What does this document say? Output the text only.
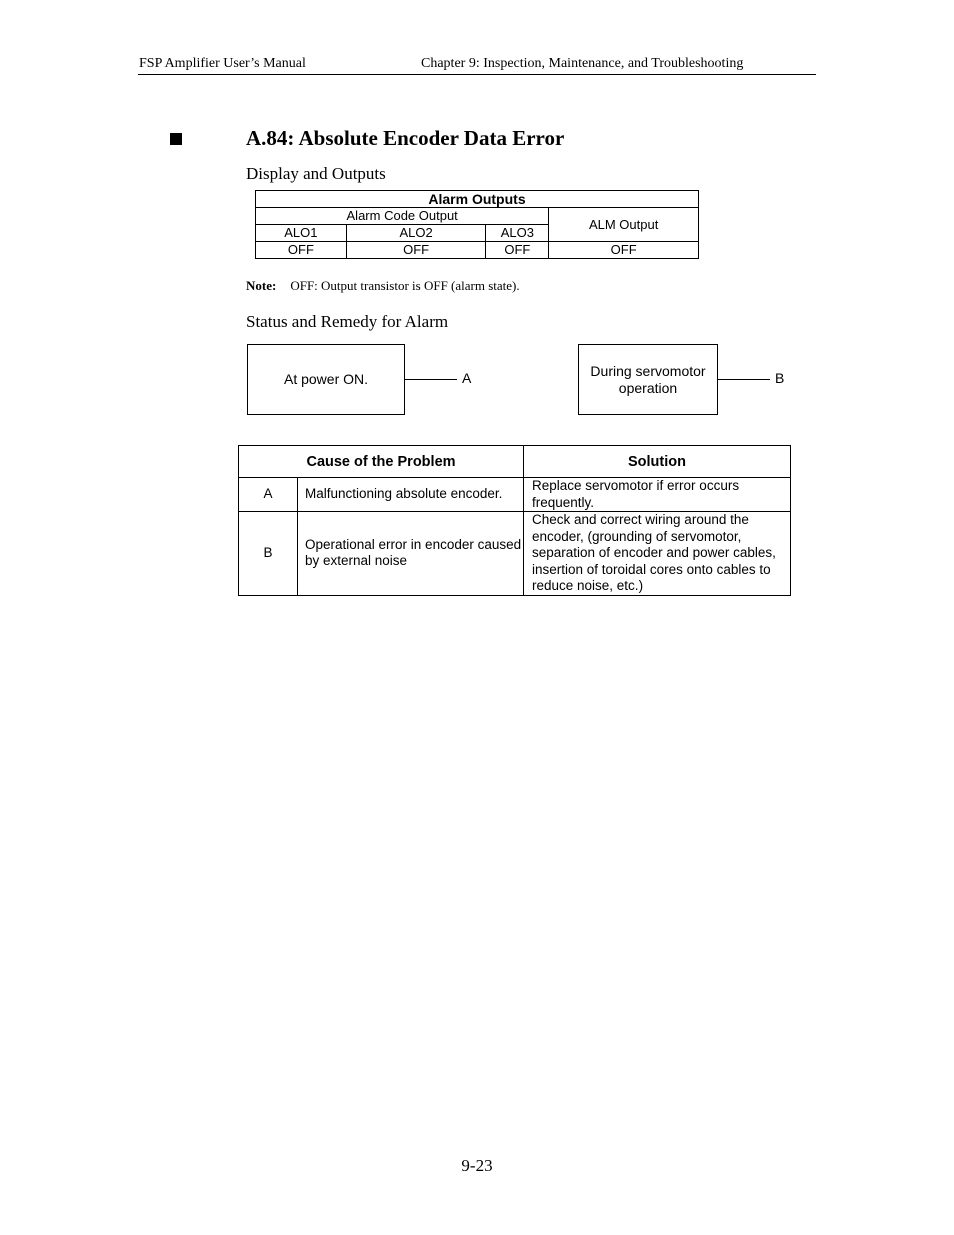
FSP Amplifier User’s Manual	Chapter 9: Inspection, Maintenance, and Troubleshooting
A.84: Absolute Encoder Data Error
Display and Outputs
Alarm Outputs			
Alarm Code Output			ALM Output
ALO1	ALO2	ALO3	
OFF	OFF	OFF	OFF
Note: OFF: Output transistor is OFF (alarm state).
Status and Remedy for Alarm
At power ON.	A	During servomotor
operation
B
Cause of the Problem		Solution
A	Malfunctioning absolute encoder.	Replace servomotor if error occurs frequently.
B	Operational error in encoder caused by external noise	Check and correct wiring around the encoder, (grounding of servomotor, separation of encoder and power cables, insertion of toroidal cores onto cables to reduce noise, etc.)
9-23
